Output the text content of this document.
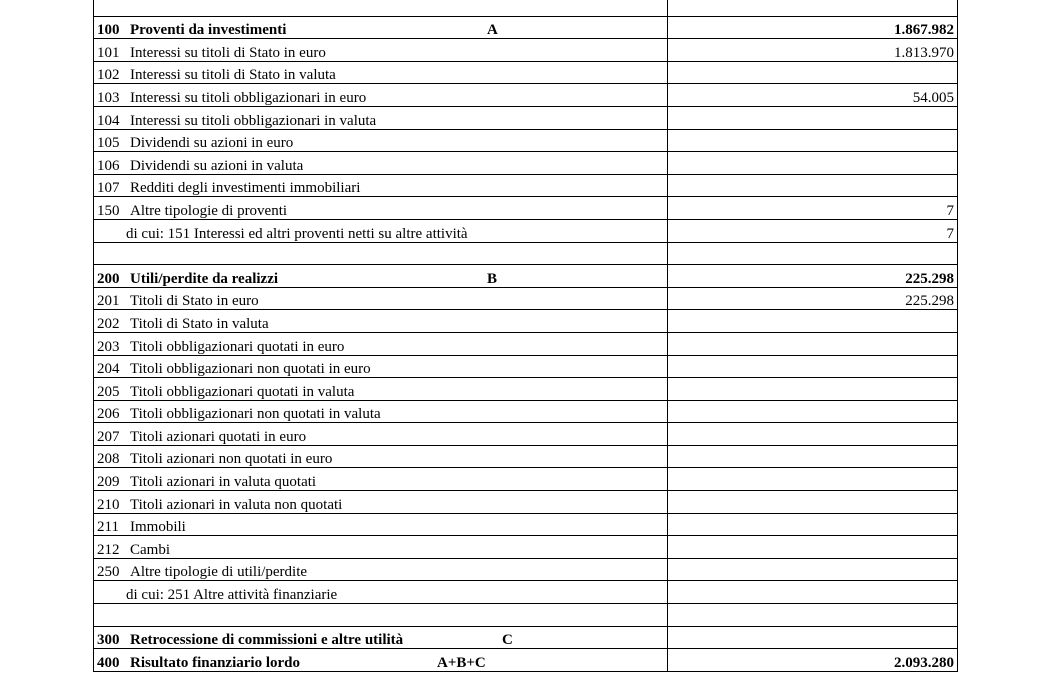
100 Proventi da investimenti A	1.867.982

101 Interessi su titoli di Stato in euro	1.813.970

102 Interessi su titoli di Stato in valuta	

103 Interessi su titoli obbligazionari in euro	54.005

104 Interessi su titoli obbligazionari in valuta	

105 Dividendi su azioni in euro	

106 Dividendi su azioni in valuta	

107 Redditi degli investimenti immobiliari	

150 Altre tipologie di proventi	7

di cui: 151 Interessi ed altri proventi netti su altre attività	7

200 Utili/perdite da realizzi B	225.298

201 Titoli di Stato in euro	225.298

202 Titoli di Stato in valuta	

203 Titoli obbligazionari quotati in euro	

204 Titoli obbligazionari non quotati in euro	

205 Titoli obbligazionari quotati in valuta	

206 Titoli obbligazionari non quotati in valuta	

207 Titoli azionari quotati in euro	

208 Titoli azionari non quotati in euro	

209 Titoli azionari in valuta quotati	

210 Titoli azionari in valuta non quotati	

211 Immobili	

212 Cambi	

250 Altre tipologie di utili/perdite	

di cui: 251 Altre attività finanziarie	

300 Retrocessione di commissioni e altre utilità C	

400 Risultato finanziario lordo A+B+C	2.093.280
